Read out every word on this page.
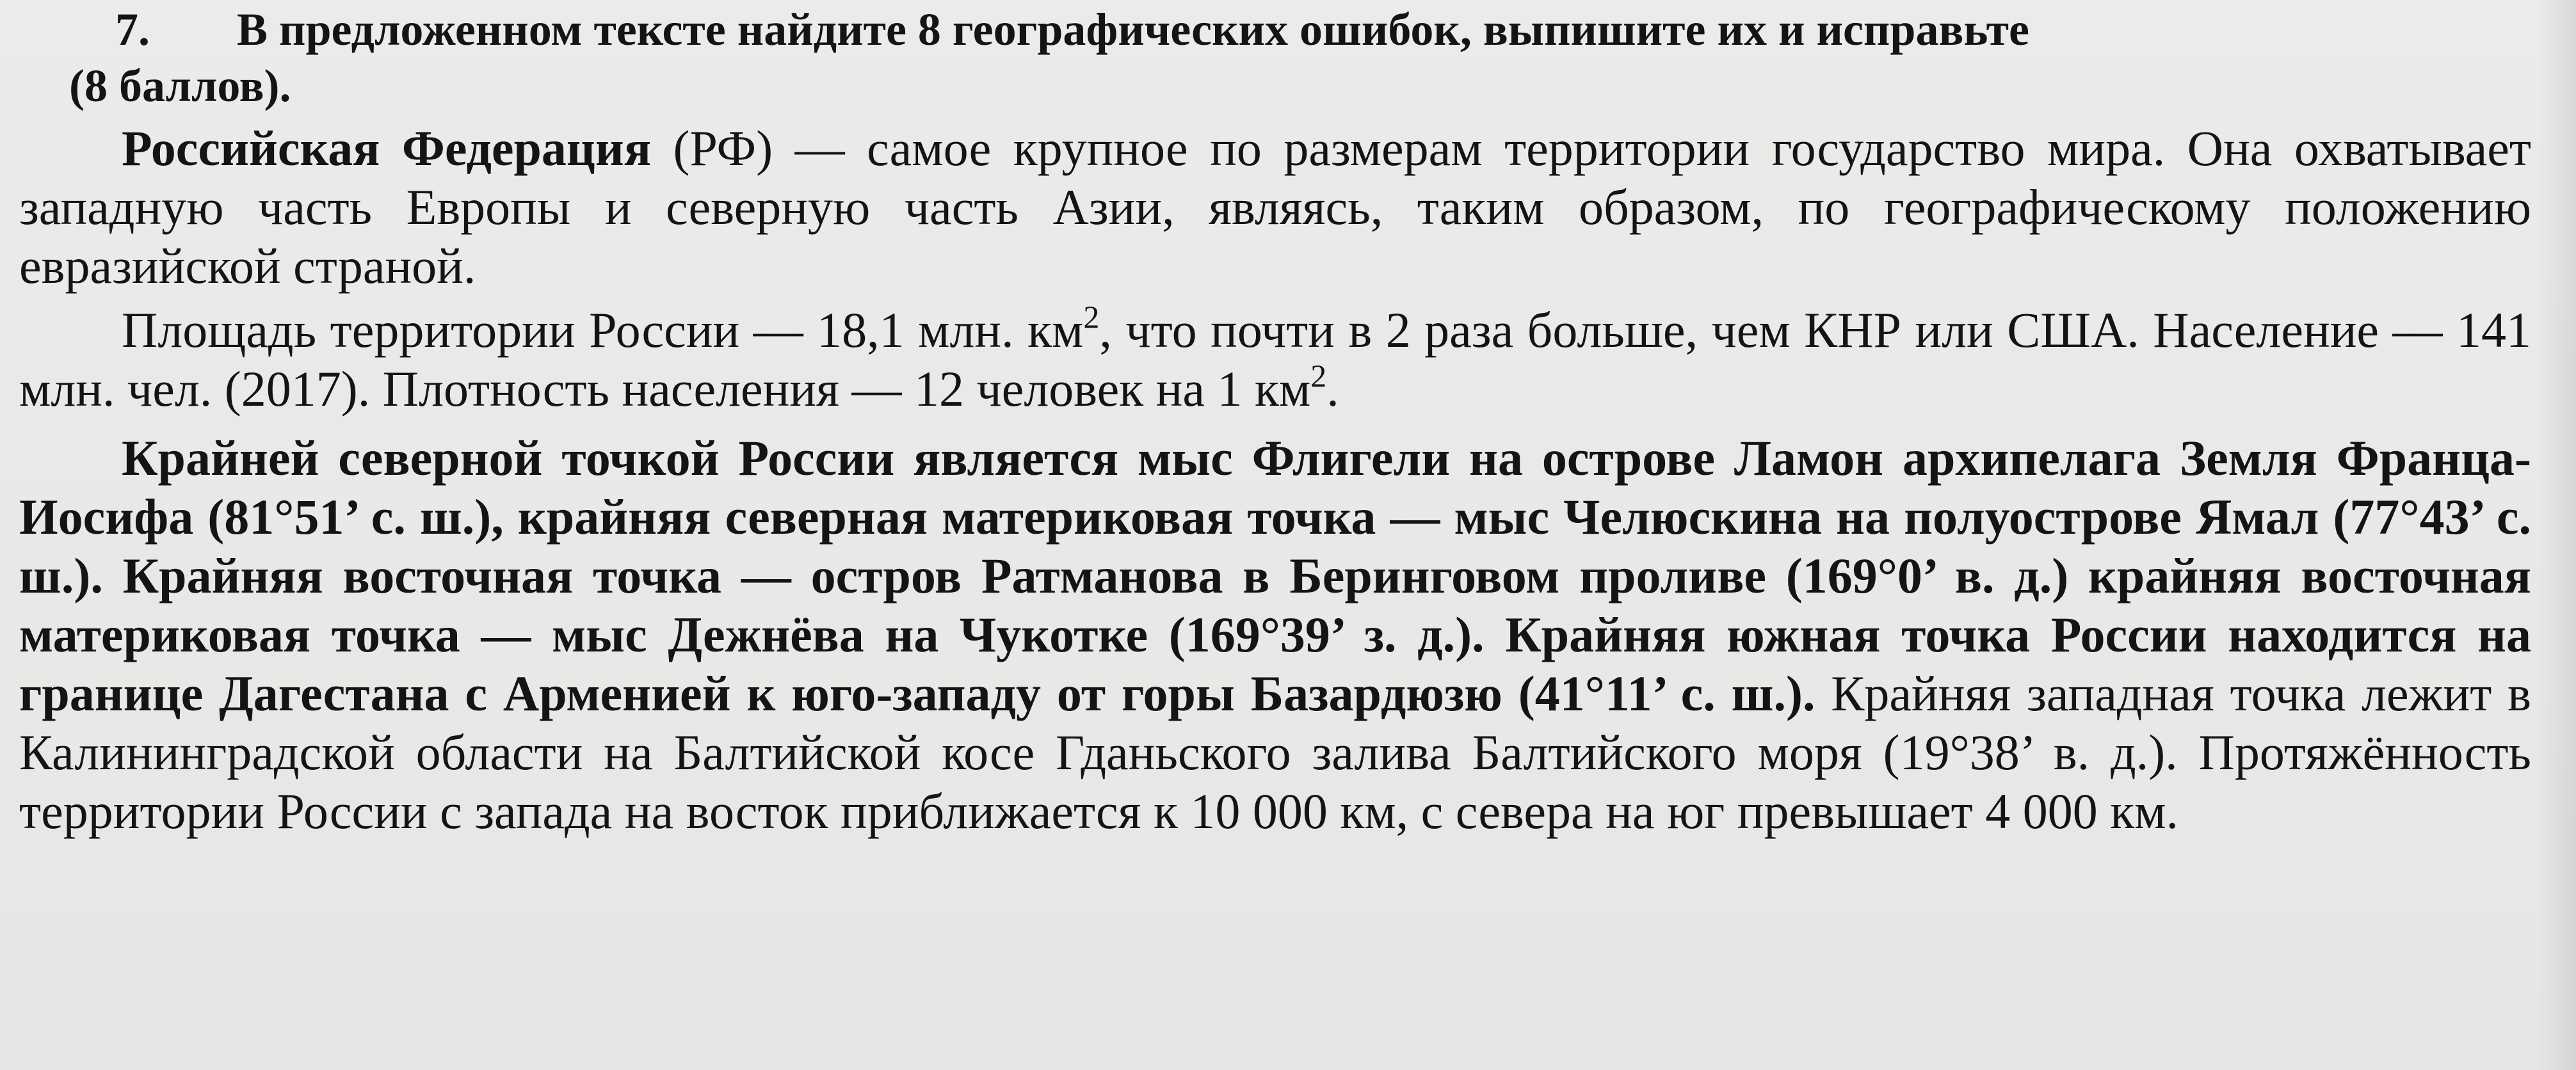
7. В предложенном тексте найдите 8 географических ошибок, выпишите их и исправьте

(8 баллов).

Российская Федерация (РФ) — самое крупное по размерам территории государство мира. Она охватывает западную часть Европы и северную часть Азии, являясь, таким образом, по географическому положению евразийской страной.

Площадь территории России — 18,1 млн. $км^2$, что почти в 2 раза больше, чем КНР или США. Население — 141 млн. чел. (2017). Плотность населения — 12 человек на 1 $км^2$.

Крайней северной точкой России является мыс Флигели на острове Ламон архипелага Земля Франца-Иосифа (81°51’ с. ш.), крайняя северная материковая точка — мыс Челюскина на полуострове Ямал (77°43’ с. ш.). Крайняя восточная точка — остров Ратманова в Беринговом проливе (169°0’ в. д.) крайняя восточная материковая точка — мыс Дежнёва на Чукотке (169°39’ з. д.). Крайняя южная точка России находится на границе Дагестана с Арменией к юго-западу от горы Базардюзю (41°11’ с. ш.). Крайняя западная точка лежит в Калининградской области на Балтийской косе Гданьского залива Балтийского моря (19°38’ в. д.). Протяжённость территории России с запада на восток приближается к 10 000 км, с севера на юг превышает 4 000 км.
